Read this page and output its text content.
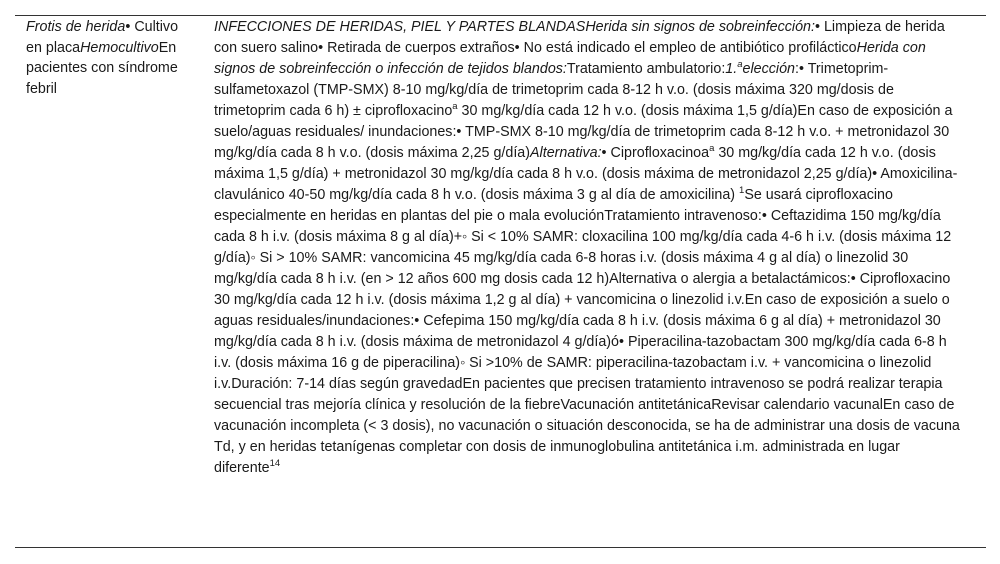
Frotis de herida• Cultivo en placaHemocultivoEn pacientes con síndrome febril
INFECCIONES DE HERIDAS, PIEL Y PARTES BLANDASHerida sin signos de sobreinfección:• Limpieza de herida con suero salino• Retirada de cuerpos extraños• No está indicado el empleo de antibiótico profilácticoHerida con signos de sobreinfección o infección de tejidos blandos:Tratamiento ambulatorio:1.$^a$elección:• Trimetoprim-sulfametoxazol (TMP-SMX) 8-10 mg/kg/día de trimetoprim cada 8-12 h v.o. (dosis máxima 320 mg/dosis de trimetoprim cada 6 h) ± ciprofloxacino$^a$ 30 mg/kg/día cada 12 h v.o. (dosis máxima 1,5 g/día)En caso de exposición a suelo/aguas residuales/ inundaciones:• TMP-SMX 8-10 mg/kg/día de trimetoprim cada 8-12 h v.o. + metronidazol 30 mg/kg/día cada 8 h v.o. (dosis máxima 2,25 g/día)Alternativa:• Ciprofloxacinoa$^a$ 30 mg/kg/día cada 12 h v.o. (dosis máxima 1,5 g/día) + metronidazol 30 mg/kg/día cada 8 h v.o. (dosis máxima de metronidazol 2,25 g/día)• Amoxicilina-clavulánico 40-50 mg/kg/día cada 8 h v.o. (dosis máxima 3 g al día de amoxicilina) $^1$Se usará ciprofloxacino especialmente en heridas en plantas del pie o mala evoluciónTratamiento intravenoso:• Ceftazidima 150 mg/kg/día cada 8 h i.v. (dosis máxima 8 g al día)+◦ Si < 10% SAMR: cloxacilina 100 mg/kg/día cada 4-6 h i.v. (dosis máxima 12 g/día)◦ Si > 10% SAMR: vancomicina 45 mg/kg/día cada 6-8 horas i.v. (dosis máxima 4 g al día) o linezolid 30 mg/kg/día cada 8 h i.v. (en > 12 años 600 mg dosis cada 12 h)Alternativa o alergia a betalactámicos:• Ciprofloxacino 30 mg/kg/día cada 12 h i.v. (dosis máxima 1,2 g al día) + vancomicina o linezolid i.v.En caso de exposición a suelo o aguas residuales/inundaciones:• Cefepima 150 mg/kg/día cada 8 h i.v. (dosis máxima 6 g al día) + metronidazol 30 mg/kg/día cada 8 h i.v. (dosis máxima de metronidazol 4 g/día)ó• Piperacilina-tazobactam 300 mg/kg/día cada 6-8 h i.v. (dosis máxima 16 g de piperacilina)◦ Si >10% de SAMR: piperacilina-tazobactam i.v. + vancomicina o linezolid i.v.Duración: 7-14 días según gravedadEn pacientes que precisen tratamiento intravenoso se podrá realizar terapia secuencial tras mejoría clínica y resolución de la fiebreVacunación antitetánicaRevisar calendario vacunalEn caso de vacunación incompleta (< 3 dosis), no vacunación o situación desconocida, se ha de administrar una dosis de vacuna Td, y en heridas tetanígenas completar con dosis de inmunoglobulina antitetánica i.m. administrada en lugar diferente$^{14}$
